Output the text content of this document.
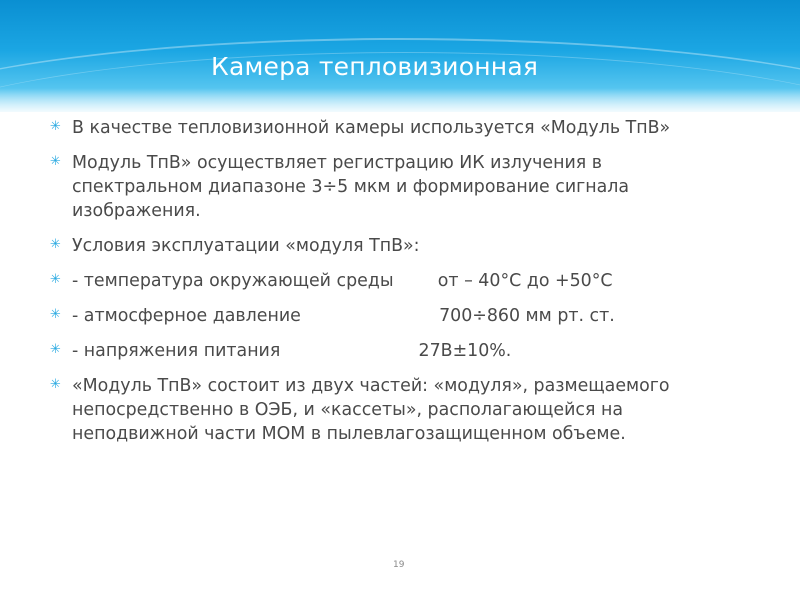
Камера тепловизионная
✳ В качестве тепловизионной камеры используется «Модуль ТпВ»
✳ Модуль ТпВ» осуществляет регистрацию ИК излучения в спектральном диапазоне 3÷5 мкм и формирование сигнала изображения.
✳ Условия эксплуатации «модуля ТпВ»:
✳ - температура окружающей среды        от – 40°С до +50°С
✳ - атмосферное давление                         700÷860 мм рт. ст.
✳ - напряжения питания                         27В±10%.
✳ «Модуль ТпВ» состоит из двух частей: «модуля», размещаемого непосредственно в ОЭБ, и «кассеты», располагающейся на неподвижной части МОМ в пылевлагозащищенном объеме.
19
